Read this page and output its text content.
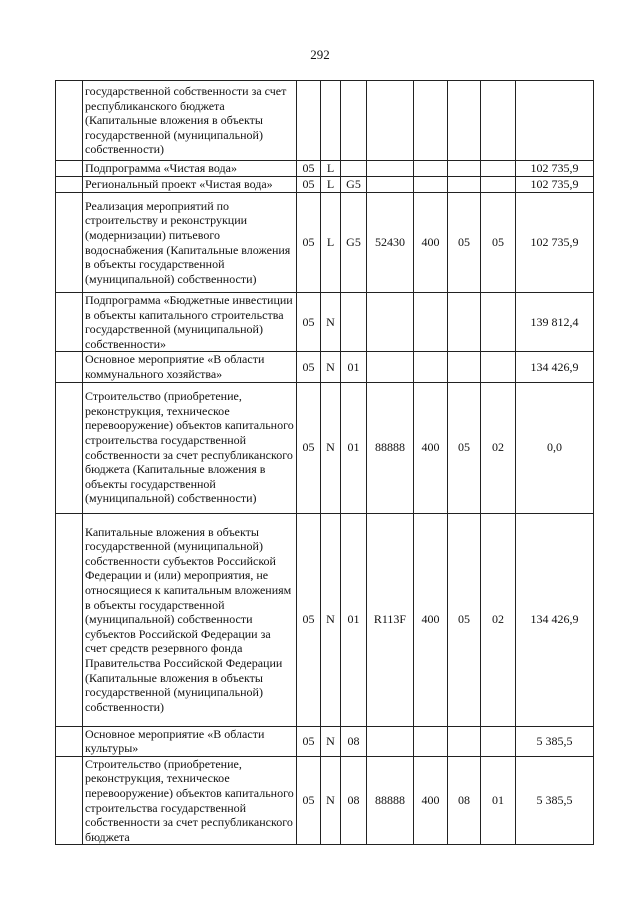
292
	государственной собственности за счет республиканского бюджета (Капитальные вложения в объекты государственной (муниципальной) собственности)								
	Подпрограмма «Чистая вода»	05	L						102 735,9
	Региональный проект «Чистая вода»	05	L	G5					102 735,9
	Реализация мероприятий по строительству и реконструкции (модернизации) питьевого водоснабжения (Капитальные вложения в объекты государственной (муниципальной) собственности)	05	L	G5	52430	400	05	05	102 735,9
	Подпрограмма «Бюджетные инвестиции в объекты капитального строительства государственной (муниципальной) собственности»	05	N						139 812,4
	Основное мероприятие «В области коммунального хозяйства»	05	N	01					134 426,9
	Строительство (приобретение, реконструкция, техническое перевооружение) объектов капитального строительства государственной собственности за счет республиканского бюджета (Капитальные вложения в объекты государственной (муниципальной) собственности)	05	N	01	88888	400	05	02	0,0
	Капитальные вложения в объекты государственной (муниципальной) собственности субъектов Российской Федерации и (или) мероприятия, не относящиеся к капитальным вложениям в объекты государственной (муниципальной) собственности субъектов Российской Федерации за счет средств резервного фонда Правительства Российской Федерации (Капитальные вложения в объекты государственной (муниципальной) собственности)	05	N	01	R113F	400	05	02	134 426,9
	Основное мероприятие «В области культуры»	05	N	08					5 385,5
	Строительство (приобретение, реконструкция, техническое перевооружение) объектов капитального строительства государственной собственности за счет республиканского бюджета	05	N	08	88888	400	08	01	5 385,5
